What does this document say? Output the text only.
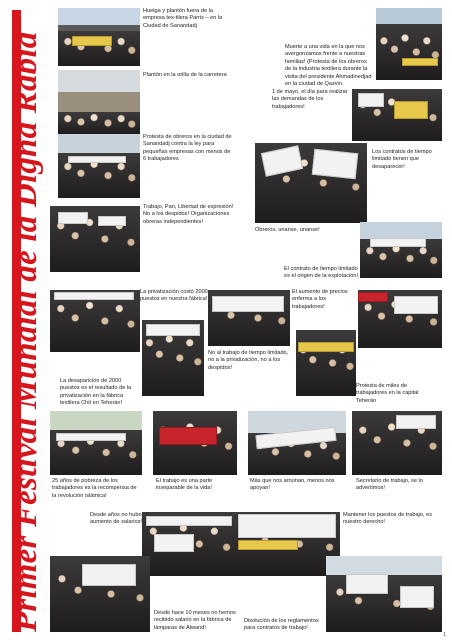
Primer Festival Mundial de la Digna Rabia
Huelga y plantón fuera de la empresa tex-tilera Parris – en la Ciudad de Sanandadj
Plantón en la orilla de la carretera
Muerte a una vida en la que nos avergonzamos frente a nuestras familias! (Protesta de los obreros de la industria textilera durante la visita del presidente Ahmadinedjad en la ciudad de Qazvin.
1 de mayo, el día para realizar las demandas de los trabajadores!
Protesta de obreros en la ciudad de Sanandadj contra la ley para pequeñas empresas con menos de 6 trabajadores
Los contratos de tiempo limitado tienen que desaparecer!
Trabajo, Pan, Libertad de expresión! No a los despidos! Organizaciones obreras independientes!
Obreros, unanse, unanse!
El contrato de tiempo limitado es el origen de la explotación!
La privatización costó 2000 puestos en nuestra fábrica!
El aumento de precios enferma a los trabajadores!
No al trabajo de tiempo limitado, no a la privatización, no a los despidos!
La desaparición de 2000 puestos es el resultado de la privatización en la fábrica textilera Chit en Teherán!
Protesta de miles de trabajadores en la capital Teherán
25 años de pobreza de los trabajadores es la recompensa de la revolución islámica!
El trabajo es una parte inseparable de la vida!
Más que nos arruinan, menos nos apoyan!
Secretario de trabajo, se lo advertimos!
Desde años no hubo aumento de salarios!
Mantener los puestos de trabajo, es nuestro derecho!
Desde hace 10 meses no hemos recibido salario en la fábrica de lámparas de Alwand!
Disolución de los reglamentos para contratos de trabajo!
1
